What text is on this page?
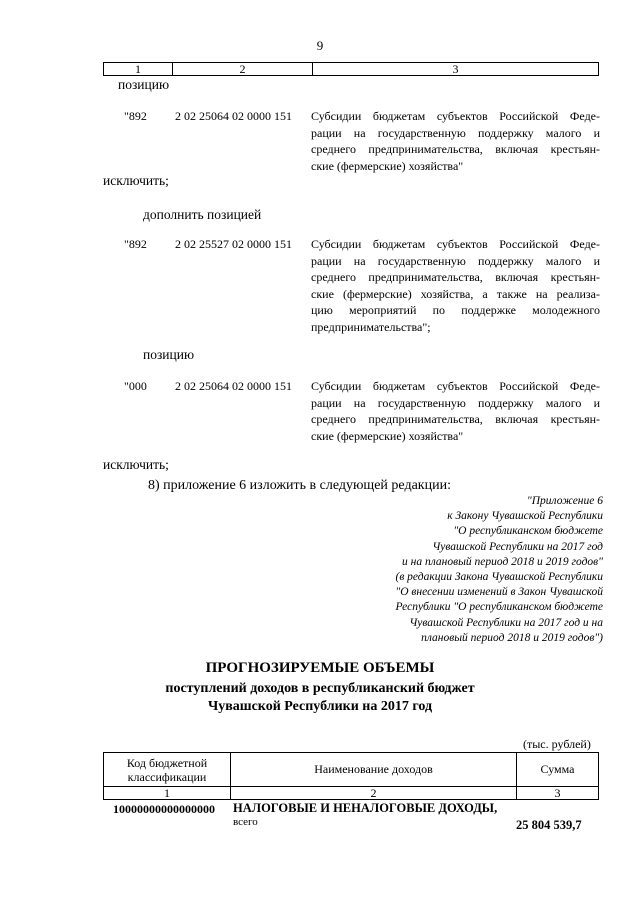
9
1	2	3
позицию
"892 2 02 25064 02 0000 151 Субсидии бюджетам субъектов Российской Феде-
рации на государственную поддержку малого и
среднего предпринимательства, включая крестьян-
ские (фермерские) хозяйства"
исключить;
дополнить позицией
"892 2 02 25527 02 0000 151 Субсидии бюджетам субъектов Российской Феде-
рации на государственную поддержку малого и
среднего предпринимательства, включая крестьян-
ские (фермерские) хозяйства, а также на реализа-
цию мероприятий по поддержке молодежного
предпринимательства";
позицию
"000 2 02 25064 02 0000 151 Субсидии бюджетам субъектов Российской Феде-
рации на государственную поддержку малого и
среднего предпринимательства, включая крестьян-
ские (фермерские) хозяйства"
исключить;
8) приложение 6 изложить в следующей редакции:
"Приложение 6
к Закону Чувашской Республики
"О республиканском бюджете
Чувашской Республики на 2017 год
и на плановый период 2018 и 2019 годов"
(в редакции Закона Чувашской Республики
"О внесении изменений в Закон Чувашской
Республики "О республиканском бюджете
Чувашской Республики на 2017 год и на
плановый период 2018 и 2019 годов")
ПРОГНОЗИРУЕМЫЕ ОБЪЕМЫ
поступлений доходов в республиканский бюджет
Чувашской Республики на 2017 год
(тыс. рублей)
Код бюджетной классификации	Наименование доходов	Сумма
1	2	3
10000000000000000 НАЛОГОВЫЕ И НЕНАЛОГОВЫЕ ДОХОДЫ,
всего	25 804 539,7
